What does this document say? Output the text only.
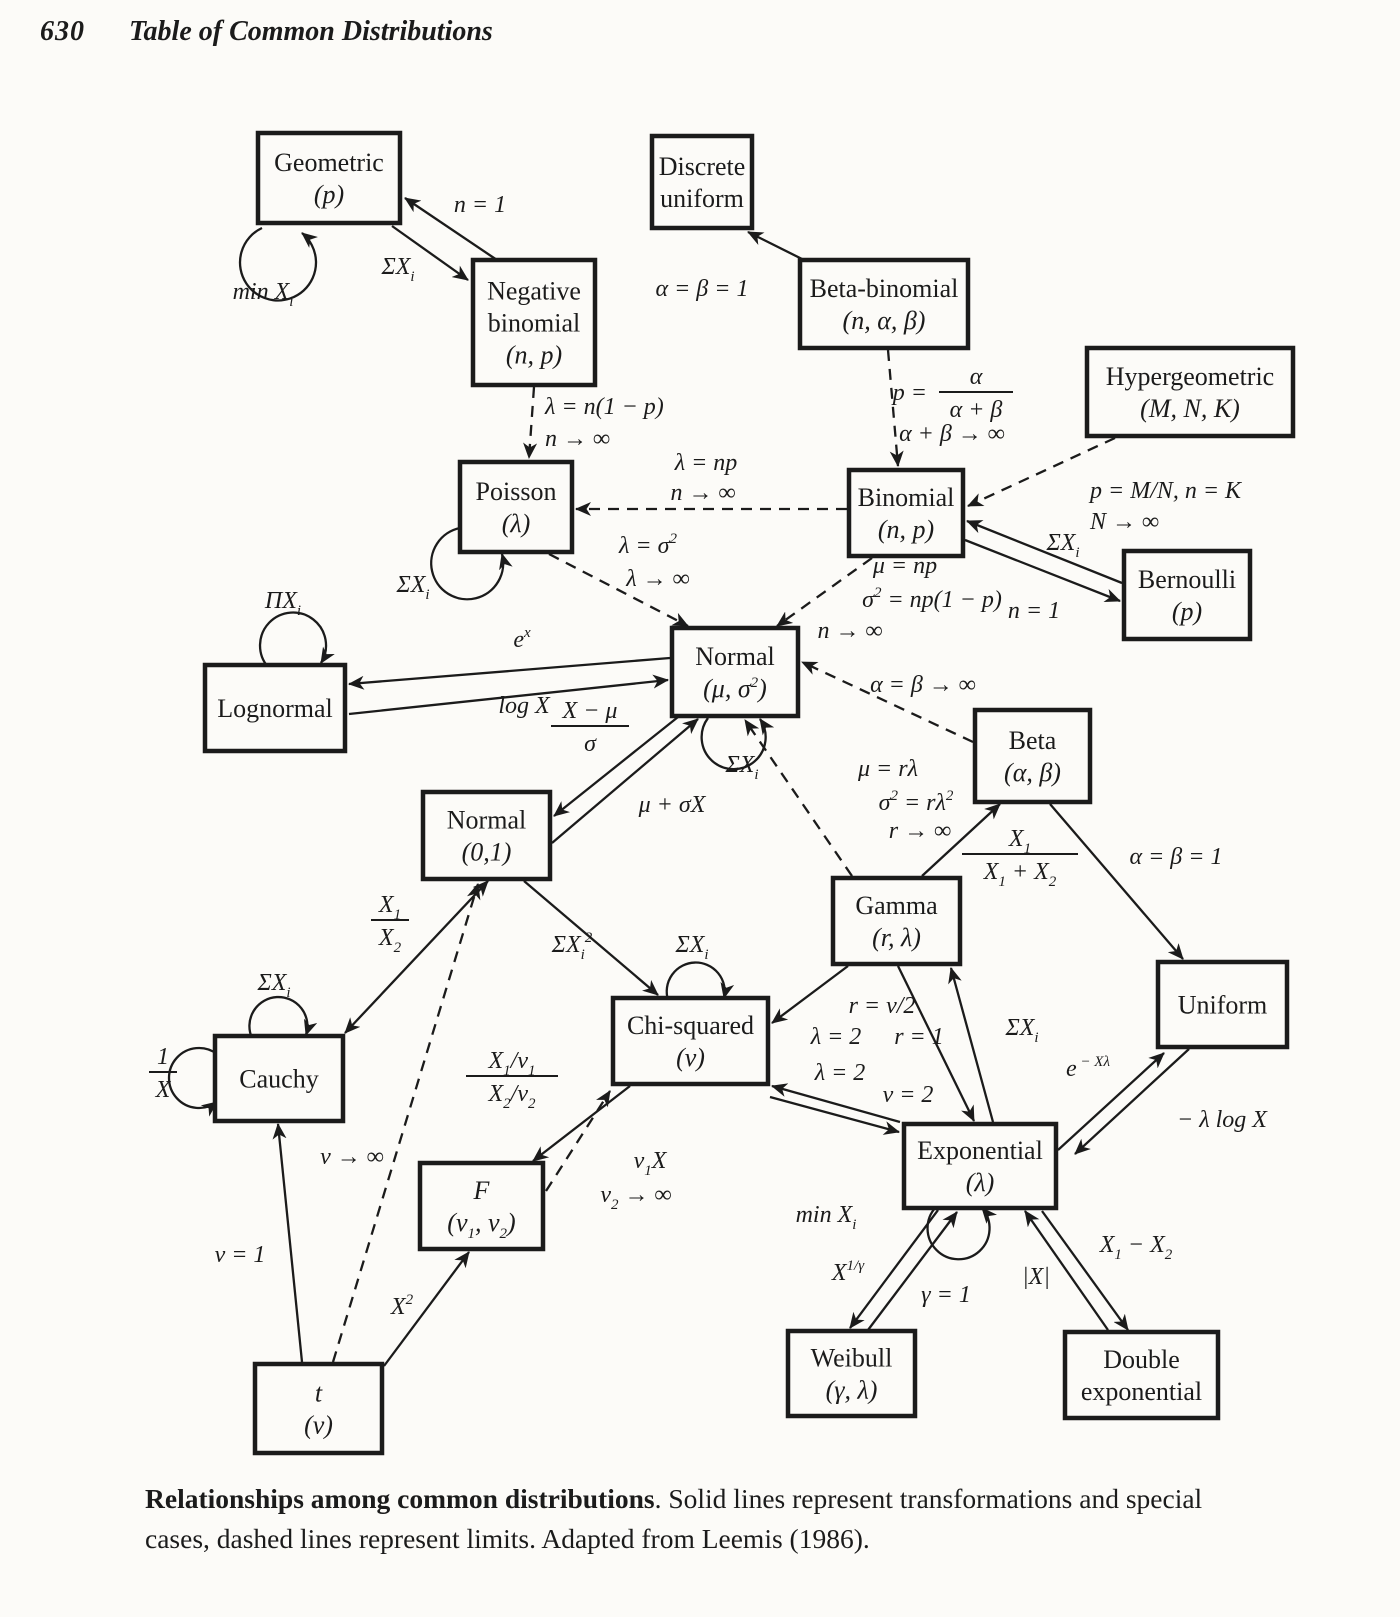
630 Table of Common Distributions
Geometric
(p)
Discrete
uniform
Beta-binomial
(n, α, β)
Hypergeometric
(M, N, K)
Negative
binomial
(n, p)
Poisson
(λ)
Binomial
(n, p)
Bernoulli
(p)
Lognormal
Normal
(μ, $\sigma^2$)
Normal
(0,1)
Beta
(α, β)
Gamma
(r, λ)
Uniform
Chi-squared
(ν)
Cauchy
F
($\nu_1$, $\nu_2$)
Exponential
(λ)
Weibull
(γ, λ)
Double
exponential
t
(ν)
n = 1
$\Sigma X_i$
λ = n(1 − p)
n → ∞
α = β = 1
α
α + β
p =
α + β → ∞
p = M/N, n = K
N → ∞
λ = np
n → ∞
$\lambda = \sigma^2$
λ → ∞	μ = np
$\sigma^2 = np(1 - p)$
n → ∞
$\Sigma X_i$
n = 1
$e^x$
log X X − μ
σ
μ + σX
α = β → ∞
μ = rλ
$\sigma^2 = r\lambda^2$
r → ∞ $X_1$
$X_1 + X_2$
α = β = 1
$X_1$
$X_2$	$\Sigma X_i^2$
r = ν/2
λ = 2 r = 1	$\Sigma X_i$
λ = 2
ν = 2
e $^{- X\lambda}$
− λ log X
$X^{1/\gamma}$
γ = 1
|X|
$X_1 - X_2$
ν = 1
ν → ∞
$X^2$
$X_1/\nu_1$
$X_2/\nu_2$
$\nu_1X$
$\nu_2$ → ∞
$\min X_i$
$\Sigma X_i$
$\Pi X_i$
$\Sigma X_i$
$\Sigma X_i$
1
X
$\Sigma X_i$
$\min X_i$
Relationships among common distributions. Solid lines represent transformations and special
cases, dashed lines represent limits. Adapted from Leemis (1986).
